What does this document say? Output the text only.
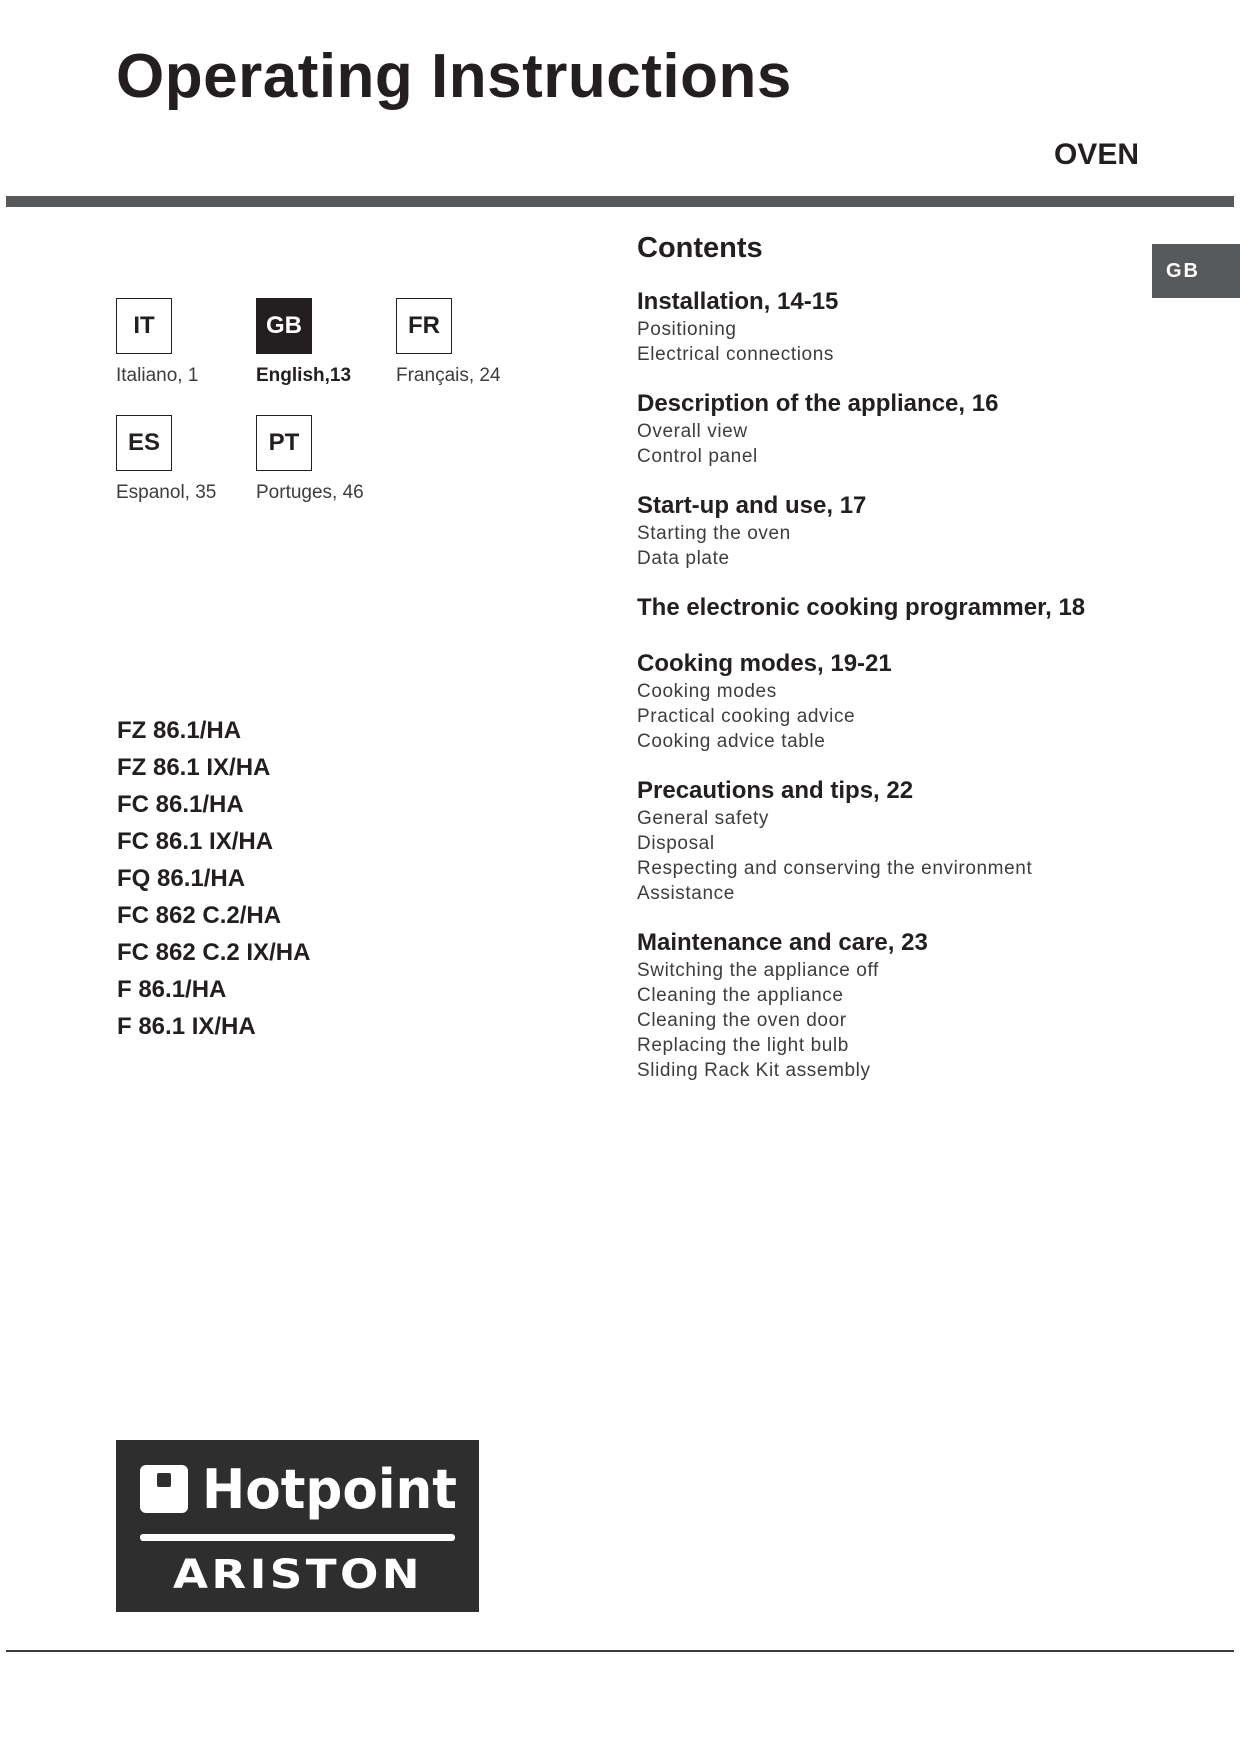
Operating Instructions
OVEN
GB
IT
Italiano, 1
GB
English,13
FR
Français, 24
ES
Espanol, 35
PT
Portuges, 46
FZ 86.1/HA
FZ 86.1 IX/HA
FC 86.1/HA
FC 86.1 IX/HA
FQ 86.1/HA
FC 862 C.2/HA
FC 862 C.2 IX/HA
F 86.1/HA
F 86.1 IX/HA
Contents
Installation, 14-15
Positioning
Electrical connections
Description of the appliance, 16
Overall view
Control panel
Start-up and use, 17
Starting the oven
Data plate
The electronic cooking programmer, 18
Cooking modes, 19-21
Cooking modes
Practical cooking advice
Cooking advice table
Precautions and tips, 22
General safety
Disposal
Respecting and conserving the environment
Assistance
Maintenance and care, 23
Switching the appliance off
Cleaning the appliance
Cleaning the oven door
Replacing the light bulb
Sliding Rack Kit assembly
Hotpoint
ARISTON
